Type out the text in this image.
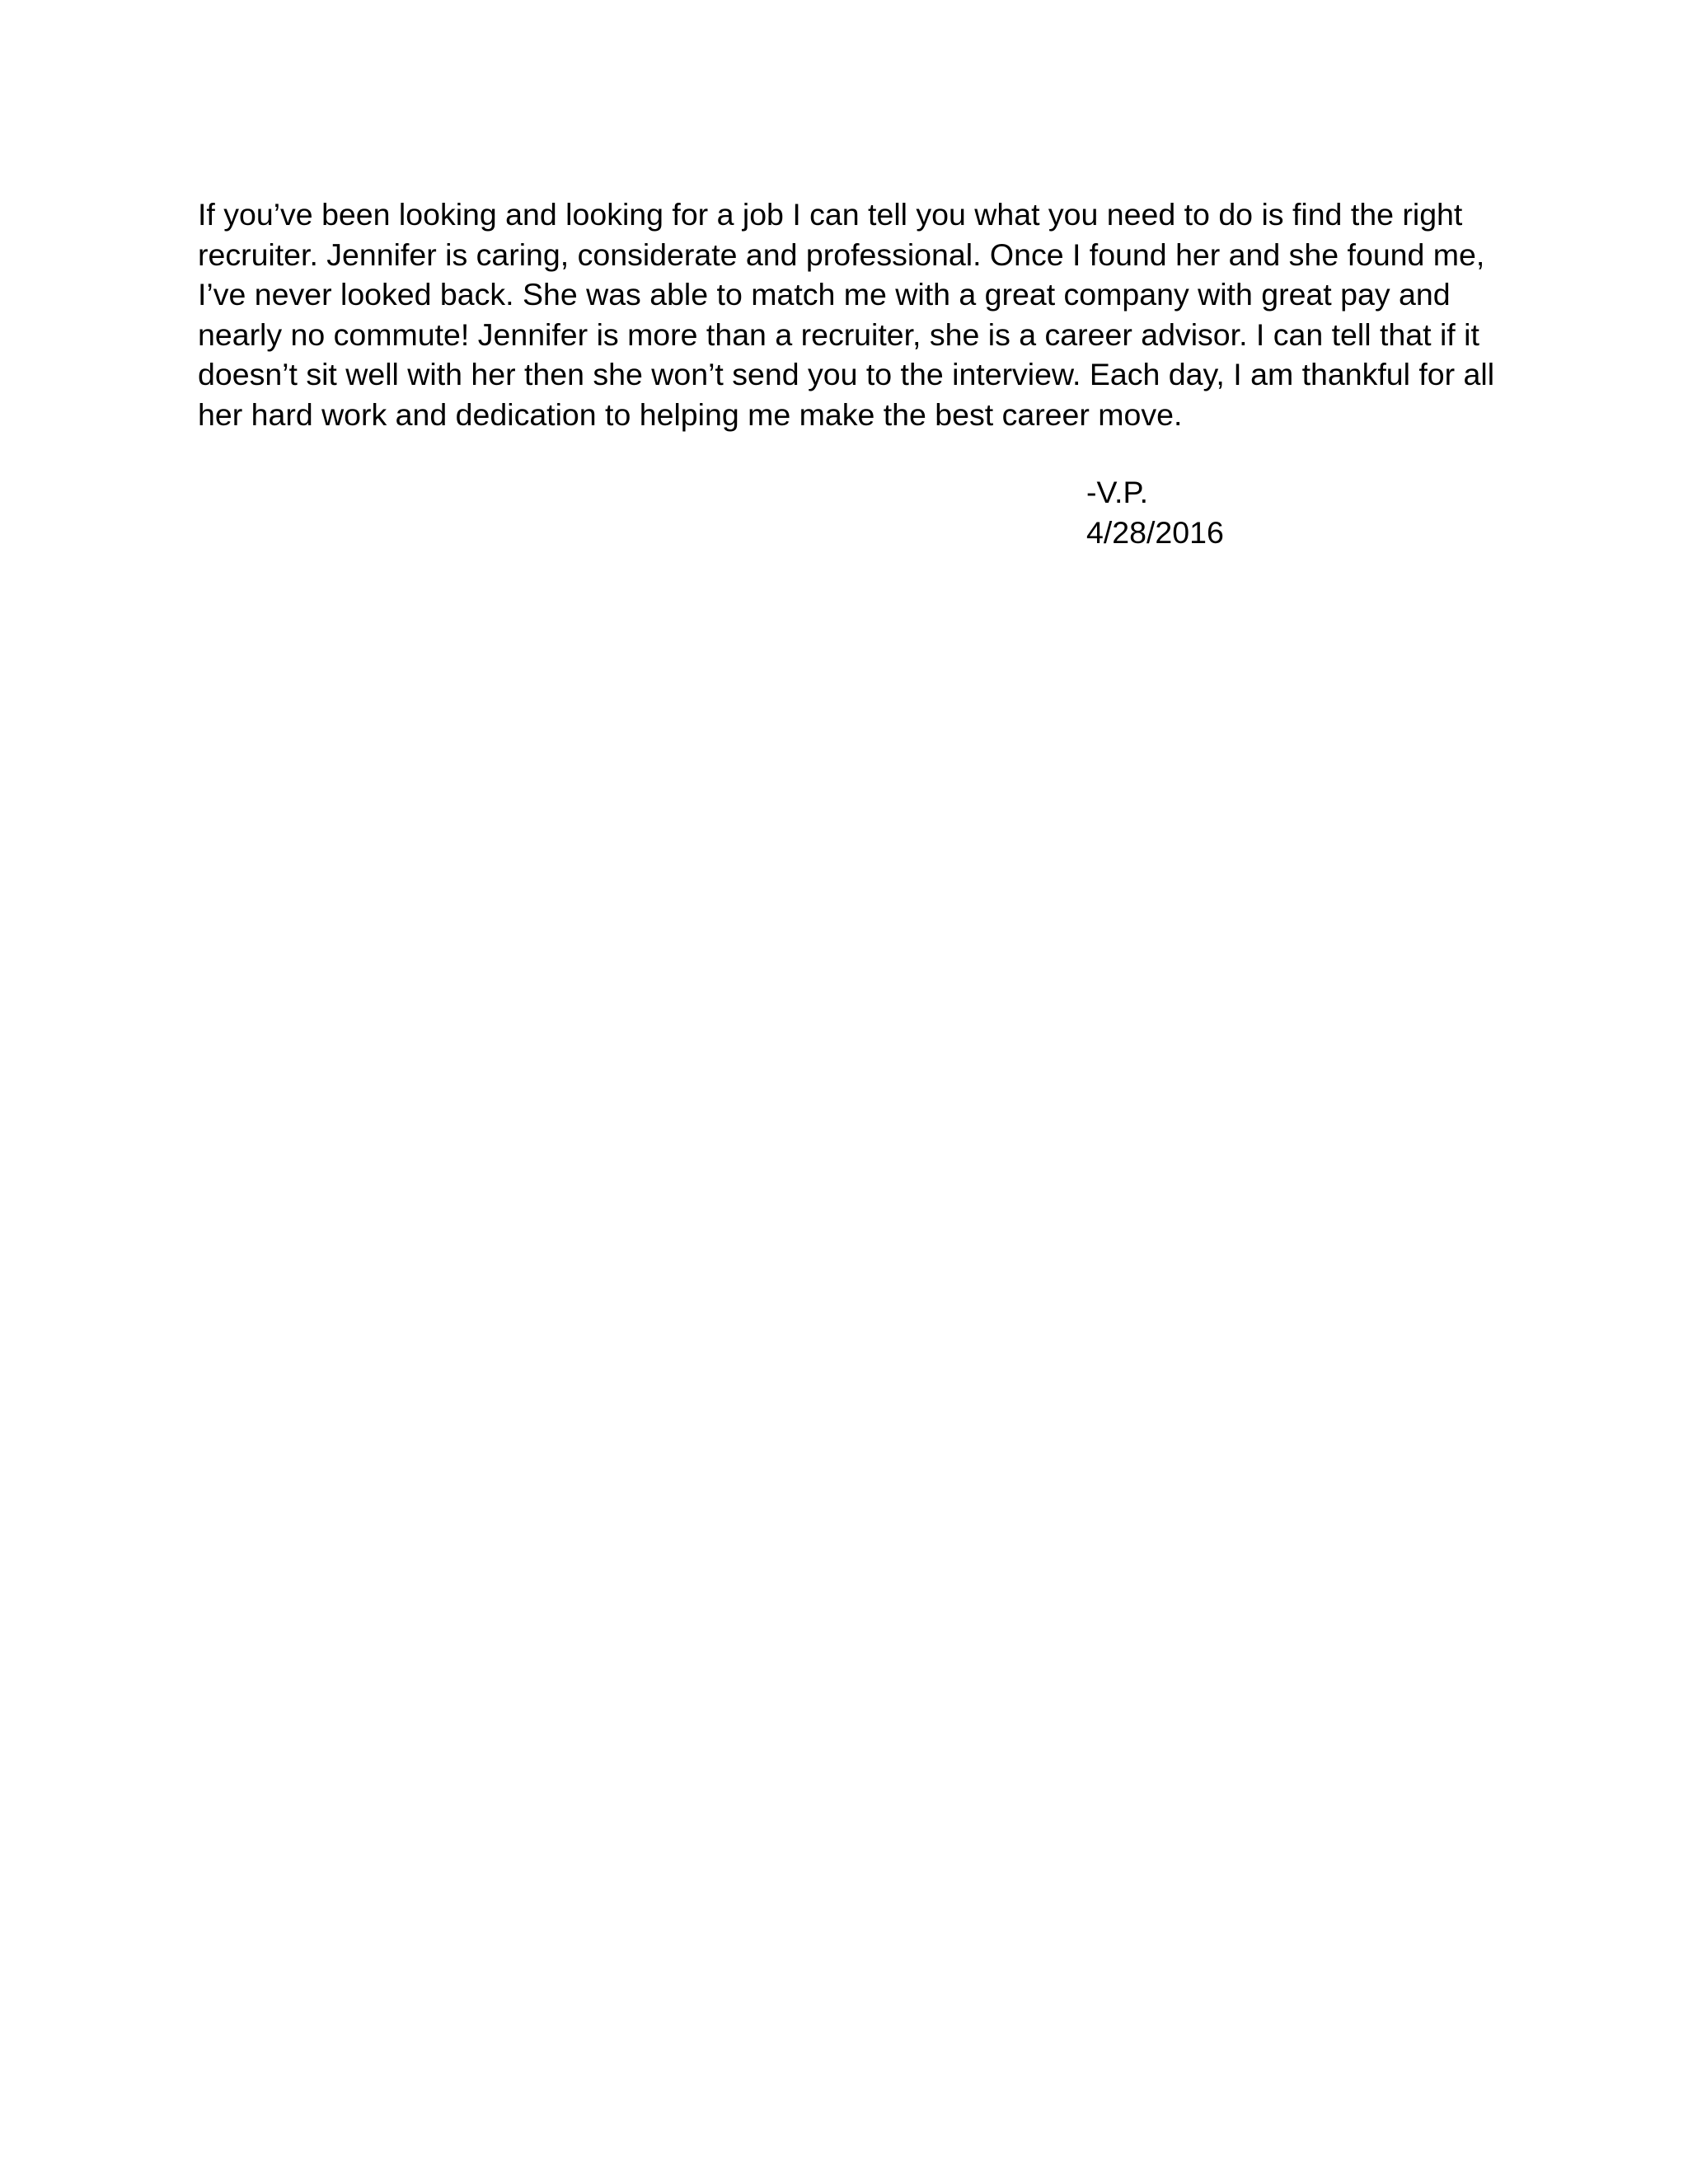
If you’ve been looking and looking for a job I can tell you what you need to do is find the right
recruiter. Jennifer is caring, considerate and professional. Once I found her and she found me,
I’ve never looked back. She was able to match me with a great company with great pay and
nearly no commute! Jennifer is more than a recruiter, she is a career advisor. I can tell that if it
doesn’t sit well with her then she won’t send you to the interview. Each day, I am thankful for all
her hard work and dedication to helping me make the best career move.

-V.P.
4/28/2016
